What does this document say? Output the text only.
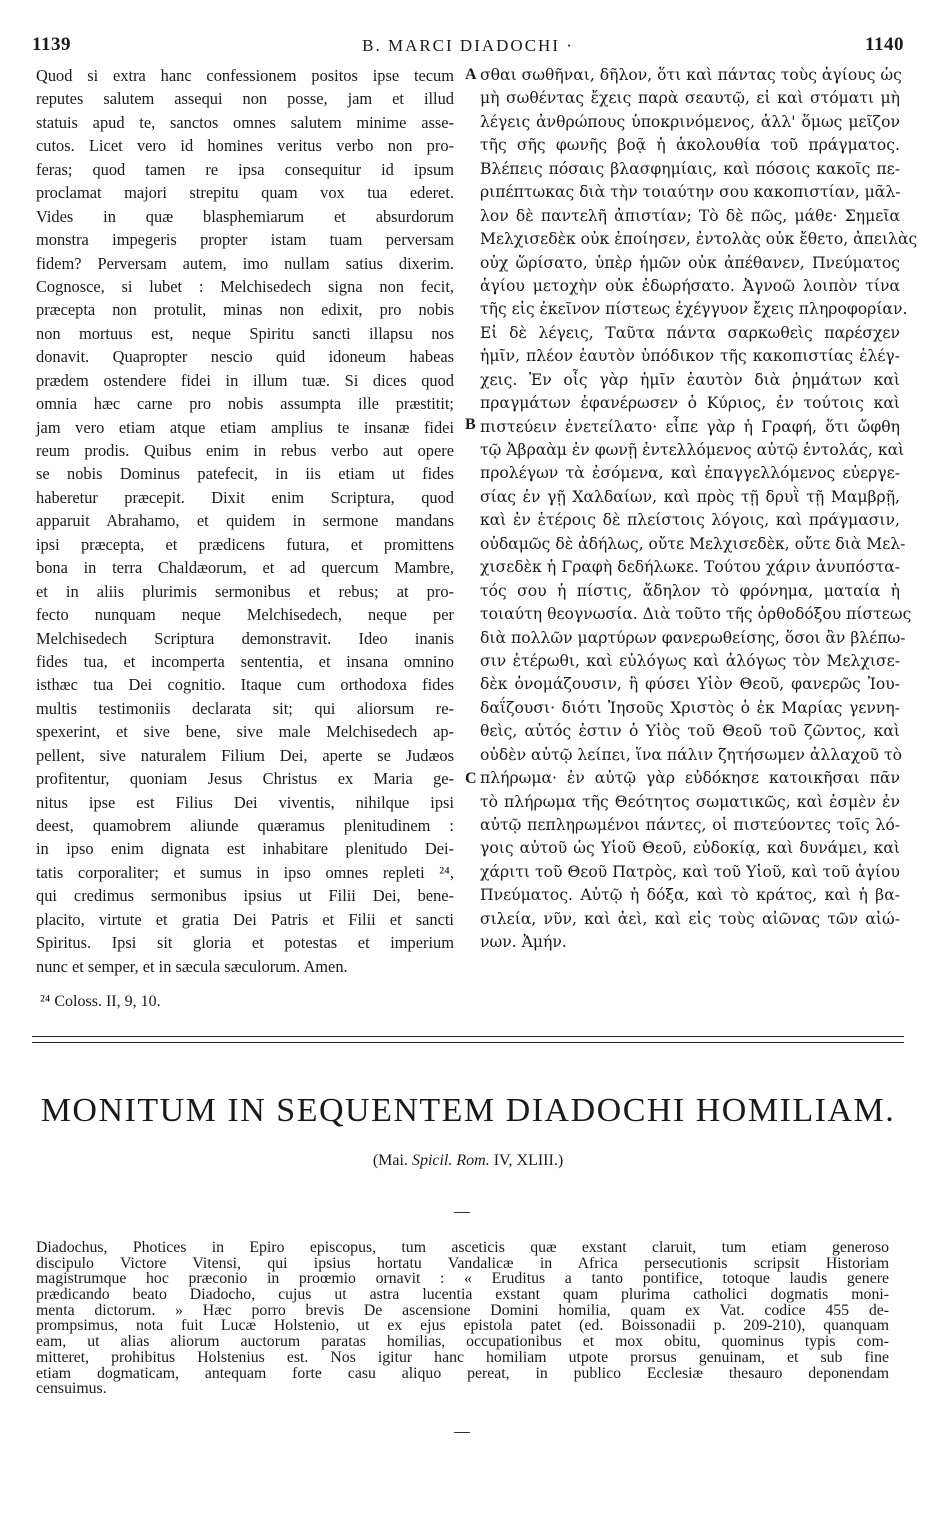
1139	B. MARCI DIADOCHI ·	1140
Quod si extra hanc confessionem positos ipse tecum
reputes salutem assequi non posse, jam et illud
statuis apud te, sanctos omnes salutem minime asse-
cutos. Licet vero id homines veritus verbo non pro-
feras; quod tamen re ipsa consequitur id ipsum
proclamat majori strepitu quam vox tua ederet.
Vides in quæ blasphemiarum et absurdorum
monstra impegeris propter istam tuam perversam
fidem? Perversam autem, imo nullam satius dixerim.
Cognosce, si lubet : Melchisedech signa non fecit,
præcepta non protulit, minas non edixit, pro nobis
non mortuus est, neque Spiritu sancti illapsu nos
donavit. Quapropter nescio quid idoneum habeas
prædem ostendere fidei in illum tuæ. Si dices quod
omnia hæc carne pro nobis assumpta ille præstitit;
jam vero etiam atque etiam amplius te insanæ fidei
reum prodis. Quibus enim in rebus verbo aut opere
se nobis Dominus patefecit, in iis etiam ut fides
haberetur præcepit. Dixit enim Scriptura, quod
apparuit Abrahamo, et quidem in sermone mandans
ipsi præcepta, et prædicens futura, et promittens
bona in terra Chaldæorum, et ad quercum Mambre,
et in aliis plurimis sermonibus et rebus; at pro-
fecto nunquam neque Melchisedech, neque per
Melchisedech Scriptura demonstravit. Ideo inanis
fides tua, et incomperta sententia, et insana omnino
isthæc tua Dei cognitio. Itaque cum orthodoxa fides
multis testimoniis declarata sit; qui aliorsum re-
spexerint, et sive bene, sive male Melchisedech ap-
pellent, sive naturalem Filium Dei, aperte se Judæos
profitentur, quoniam Jesus Christus ex Maria ge-
nitus ipse est Filius Dei viventis, nihilque ipsi
deest, quamobrem aliunde quæramus plenitudinem :
in ipso enim dignata est inhabitare plenitudo Dei-
tatis corporaliter; et sumus in ipso omnes repleti ²⁴,
qui credimus sermonibus ipsius ut Filii Dei, bene-
placito, virtute et gratia Dei Patris et Filii et sancti
Spiritus. Ipsi sit gloria et potestas et imperium
nunc et semper, et in sæcula sæculorum. Amen.
σθαι σωθῆναι, δῆλον, ὅτι καὶ πάντας τοὺς ἁγίους ὡς
μὴ σωθέντας ἔχεις παρὰ σεαυτῷ, εἰ καὶ στόματι μὴ
λέγεις ἀνθρώπους ὑποκρινόμενος, ἀλλ' ὅμως μεῖζον
τῆς σῆς φωνῆς βοᾷ ἡ ἀκολουθία τοῦ πράγματος.
Βλέπεις πόσαις βλασφημίαις, καὶ πόσοις κακοῖς πε-
ριπέπτωκας διὰ τὴν τοιαύτην σου κακοπιστίαν, μᾶλ-
λον δὲ παντελῆ ἀπιστίαν; Τὸ δὲ πῶς, μάθε· Σημεῖα
Μελχισεδὲκ οὐκ ἐποίησεν, ἐντολὰς οὐκ ἔθετο, ἀπειλὰς
οὐχ ὥρίσατο, ὑπὲρ ἡμῶν οὐκ ἀπέθανεν, Πνεύματος
ἁγίου μετοχὴν οὐκ ἐδωρήσατο. Ἀγνοῶ λοιπὸν τίνα
τῆς εἰς ἐκεῖνον πίστεως ἐχέγγυον ἔχεις πληροφορίαν.
Εἰ δὲ λέγεις, Ταῦτα πάντα σαρκωθεὶς παρέσχεν
ἡμῖν, πλέον ἑαυτὸν ὑπόδικον τῆς κακοπιστίας ἐλέγ-
χεις. Ἐν οἷς γὰρ ἡμῖν ἑαυτὸν διὰ ῥημάτων καὶ
πραγμάτων ἐφανέρωσεν ὁ Κύριος, ἐν τούτοις καὶ
πιστεύειν ἐνετείλατο· εἶπε γὰρ ἡ Γραφή, ὅτι ὤφθη
τῷ Ἀβραὰμ ἐν φωνῇ ἐντελλόμενος αὐτῷ ἐντολάς, καὶ
προλέγων τὰ ἐσόμενα, καὶ ἐπαγγελλόμενος εὐεργε-
σίας ἐν γῇ Χαλδαίων, καὶ πρὸς τῇ δρυῒ τῇ Μαμβρῇ,
καὶ ἐν ἑτέροις δὲ πλείστοις λόγοις, καὶ πράγμασιν,
οὐδαμῶς δὲ ἀδήλως, οὔτε Μελχισεδὲκ, οὔτε διὰ Μελ-
χισεδὲκ ἡ Γραφὴ δεδήλωκε. Τούτου χάριν ἀνυπόστα-
τός σου ἡ πίστις, ἄδηλον τὸ φρόνημα, ματαία ἡ
τοιαύτη θεογνωσία. Διὰ τοῦτο τῆς ὀρθοδόξου πίστεως
διὰ πολλῶν μαρτύρων φανερωθείσης, ὅσοι ἂν βλέπω-
σιν ἑτέρωθι, καὶ εὐλόγως καὶ ἀλόγως τὸν Μελχισε-
δὲκ ὀνομάζουσιν, ἢ φύσει Υἱὸν Θεοῦ, φανερῶς Ἰου-
δαΐζουσι· διότι Ἰησοῦς Χριστὸς ὁ ἐκ Μαρίας γεννη-
θεὶς, αὐτός ἐστιν ὁ Υἱὸς τοῦ Θεοῦ τοῦ ζῶντος, καὶ
οὐδὲν αὐτῷ λείπει, ἵνα πάλιν ζητήσωμεν ἀλλαχοῦ τὸ
πλήρωμα· ἐν αὐτῷ γὰρ εὐδόκησε κατοικῆσαι πᾶν
τὸ πλήρωμα τῆς Θεότητος σωματικῶς, καὶ ἐσμὲν ἐν
αὐτῷ πεπληρωμένοι πάντες, οἱ πιστεύοντες τοῖς λό-
γοις αὐτοῦ ὡς Υἱοῦ Θεοῦ, εὐδοκίᾳ, καὶ δυνάμει, καὶ
χάριτι τοῦ Θεοῦ Πατρὸς, καὶ τοῦ Υἱοῦ, καὶ τοῦ ἁγίου
Πνεύματος. Αὐτῷ ἡ δόξα, καὶ τὸ κράτος, καὶ ἡ βα-
σιλεία, νῦν, καὶ ἀεὶ, καὶ εἰς τοὺς αἰῶνας τῶν αἰώ-
νων. Ἀμήν.
A
B
C
²⁴ Coloss. II, 9, 10.
MONITUM IN SEQUENTEM DIADOCHI HOMILIAM.
(Mai. Spicil. Rom. IV, XLIII.)
Diadochus, Photices in Epiro episcopus, tum asceticis quæ exstant claruit, tum etiam generoso
discipulo Victore Vitensi, qui ipsius hortatu Vandalicæ in Africa persecutionis scripsit Historiam
magistrumque hoc præconio in proœmio ornavit : « Eruditus a tanto pontifice, totoque laudis genere
prædicando beato Diadocho, cujus ut astra lucentia exstant quam plurima catholici dogmatis moni-
menta dictorum. » Hæc porro brevis De ascensione Domini homilia, quam ex Vat. codice 455 de-
prompsimus, nota fuit Lucæ Holstenio, ut ex ejus epistola patet (ed. Boissonadii p. 209-210), quanquam
eam, ut alias aliorum auctorum paratas homilias, occupationibus et mox obitu, quominus typis com-
mitteret, prohibitus Holstenius est. Nos igitur hanc homiliam utpote prorsus genuinam, et sub fine
etiam dogmaticam, antequam forte casu aliquo pereat, in publico Ecclesiæ thesauro deponendam
censuimus.
